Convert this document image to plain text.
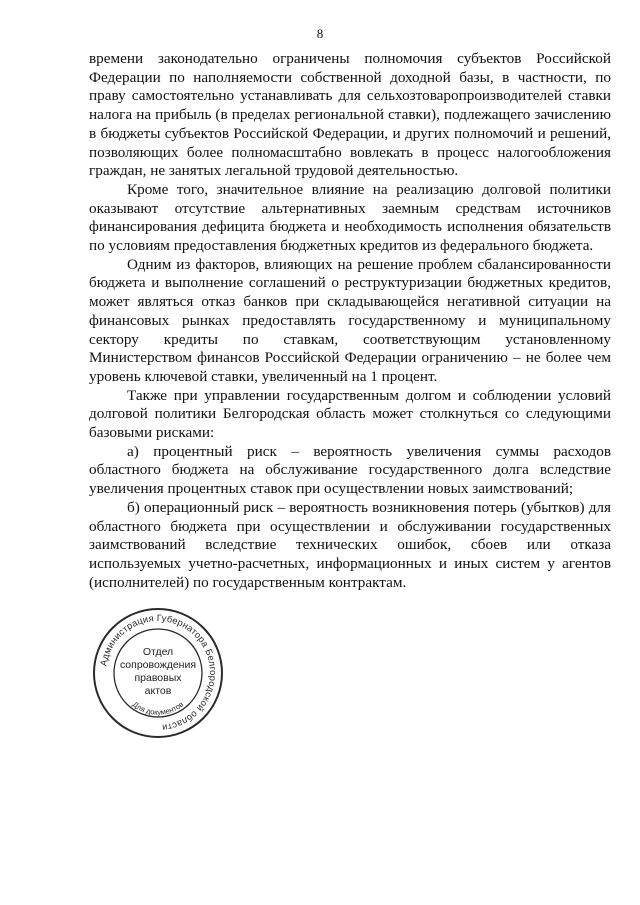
8

времени законодательно ограничены полномочия субъектов Российской Федерации по наполняемости собственной доходной базы, в частности, по праву самостоятельно устанавливать для сельхозтоваропроизводителей ставки налога на прибыль (в пределах региональной ставки), подлежащего зачислению в бюджеты субъектов Российской Федерации, и других полномочий и решений, позволяющих более полномасштабно вовлекать в процесс налогообложения граждан, не занятых легальной трудовой деятельностью.

Кроме того, значительное влияние на реализацию долговой политики оказывают отсутствие альтернативных заемным средствам источников финансирования дефицита бюджета и необходимость исполнения обязательств по условиям предоставления бюджетных кредитов из федерального бюджета.

Одним из факторов, влияющих на решение проблем сбалансированности бюджета и выполнение соглашений о реструктуризации бюджетных кредитов, может являться отказ банков при складывающейся негативной ситуации на финансовых рынках предоставлять государственному и муниципальному сектору кредиты по ставкам, соответствующим установленному Министерством финансов Российской Федерации ограничению – не более чем уровень ключевой ставки, увеличенный на 1 процент.

Также при управлении государственным долгом и соблюдении условий долговой политики Белгородская область может столкнуться со следующими базовыми рисками:

а) процентный риск – вероятность увеличения суммы расходов областного бюджета на обслуживание государственного долга вследствие увеличения процентных ставок при осуществлении новых заимствований;

б) операционный риск – вероятность возникновения потерь (убытков) для областного бюджета при осуществлении и обслуживании государственных заимствований вследствие технических ошибок, сбоев или отказа используемых учетно-расчетных, информационных и иных систем у агентов (исполнителей) по государственным контрактам.

Администрация Губернатора Белгородской области
Для документов
Отдел
сопровождения
правовых
актов
